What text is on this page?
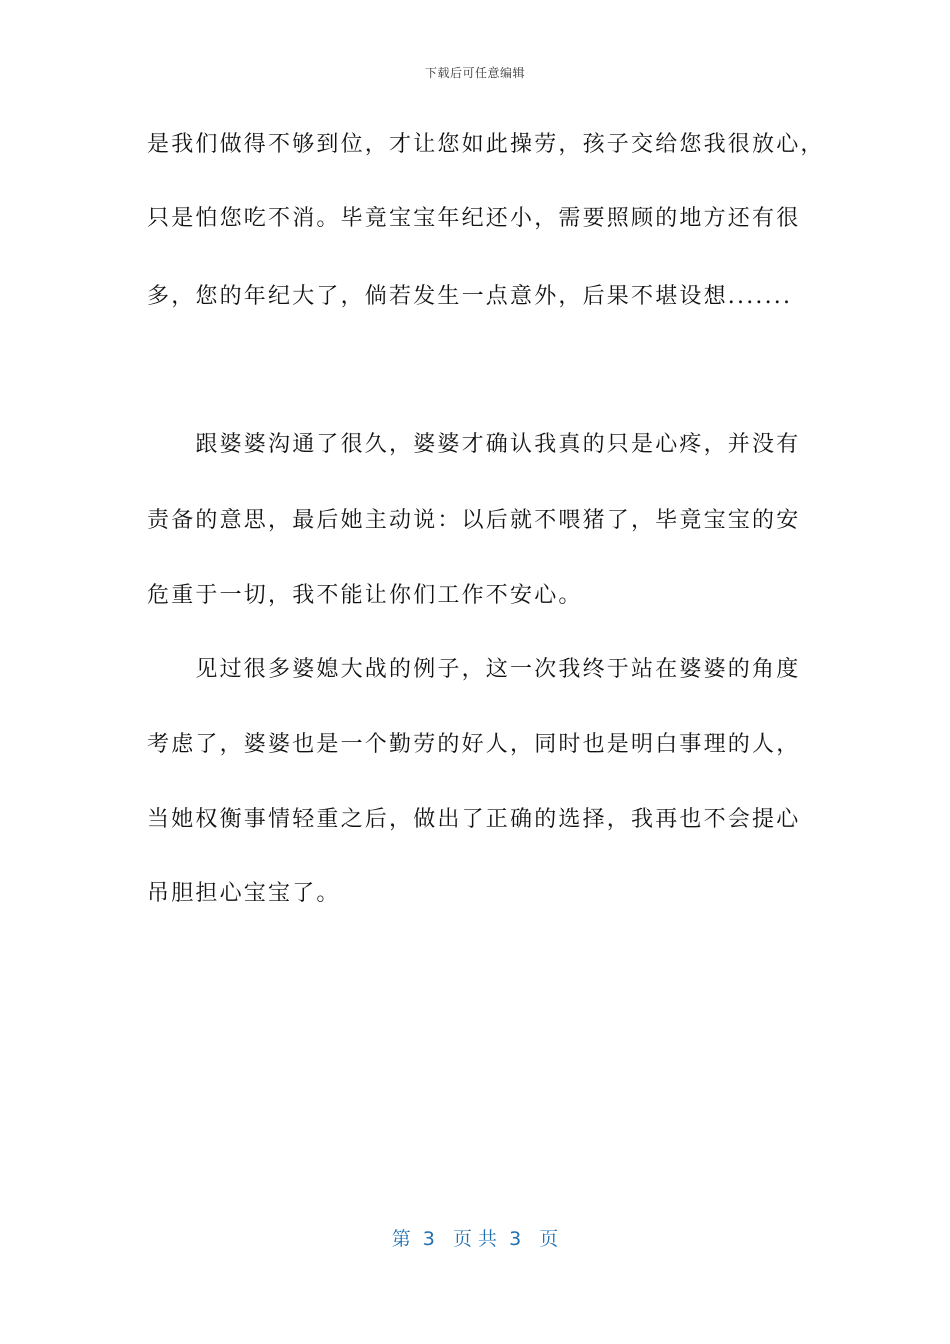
下载后可任意编辑
是我们做得不够到位，才让您如此操劳，孩子交给您我很放心，
只是怕您吃不消。毕竟宝宝年纪还小，需要照顾的地方还有很
多，您的年纪大了，倘若发生一点意外，后果不堪设想.......
　　跟婆婆沟通了很久，婆婆才确认我真的只是心疼，并没有
责备的意思，最后她主动说：以后就不喂猪了，毕竟宝宝的安
危重于一切，我不能让你们工作不安心。
　　见过很多婆媳大战的例子，这一次我终于站在婆婆的角度
考虑了，婆婆也是一个勤劳的好人，同时也是明白事理的人，
当她权衡事情轻重之后，做出了正确的选择，我再也不会提心
吊胆担心宝宝了。
第  3   页 共  3   页
